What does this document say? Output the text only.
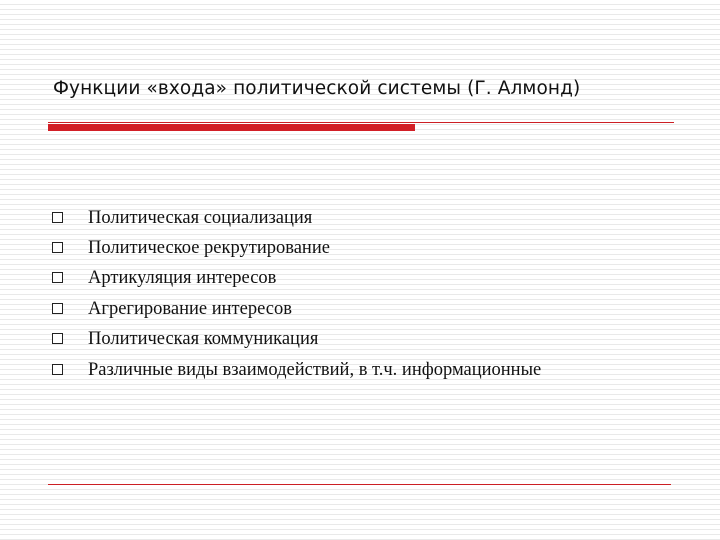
Функции «входа» политической системы (Г. Алмонд)
Политическая социализация
Политическое рекрутирование
Артикуляция интересов
Агрегирование интересов
Политическая коммуникация
Различные виды взаимодействий, в т.ч. информационные
